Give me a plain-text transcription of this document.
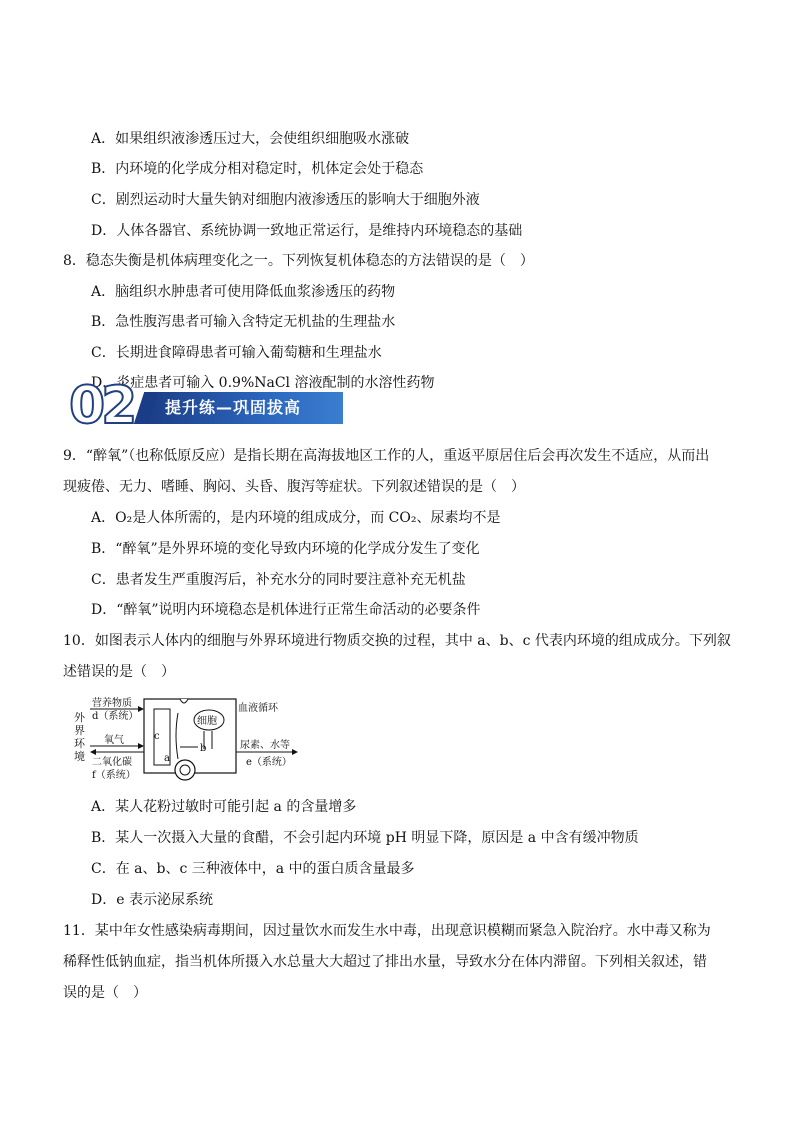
A．如果组织液渗透压过大，会使组织细胞吸水涨破
B．内环境的化学成分相对稳定时，机体定会处于稳态
C．剧烈运动时大量失钠对细胞内液渗透压的影响大于细胞外液
D．人体各器官、系统协调一致地正常运行，是维持内环境稳态的基础
8．稳态失衡是机体病理变化之一。下列恢复机体稳态的方法错误的是（　）
A．脑组织水肿患者可使用降低血浆渗透压的药物
B．急性腹泻患者可输入含特定无机盐的生理盐水
C．长期进食障碍患者可输入葡萄糖和生理盐水
D．炎症患者可输入 0.9%NaCl 溶液配制的水溶性药物
02 提升练—巩固拔高
9．“醉氧”（也称低原反应）是指长期在高海拔地区工作的人，重返平原居住后会再次发生不适应，从而出
现疲倦、无力、嗜睡、胸闷、头昏、腹泻等症状。下列叙述错误的是（　）
A．O₂是人体所需的，是内环境的组成成分，而 CO₂、尿素均不是
B．“醉氧”是外界环境的变化导致内环境的化学成分发生了变化
C．患者发生严重腹泻后，补充水分的同时要注意补充无机盐
D．“醉氧”说明内环境稳态是机体进行正常生命活动的必要条件
10．如图表示人体内的细胞与外界环境进行物质交换的过程，其中 a、b、c 代表内环境的组成成分。下列叙
述错误的是（　）
外
界
环
境
营养物质
d（系统）
氧气
二氧化碳
f（系统）
c
a
细胞
b
血液循环
尿素、水等
e（系统）
A．某人花粉过敏时可能引起 a 的含量增多
B．某人一次摄入大量的食醋，不会引起内环境 pH 明显下降，原因是 a 中含有缓冲物质
C．在 a、b、c 三种液体中，a 中的蛋白质含量最多
D．e 表示泌尿系统
11．某中年女性感染病毒期间，因过量饮水而发生水中毒，出现意识模糊而紧急入院治疗。水中毒又称为
稀释性低钠血症，指当机体所摄入水总量大大超过了排出水量，导致水分在体内滞留。下列相关叙述，错
误的是（　）
